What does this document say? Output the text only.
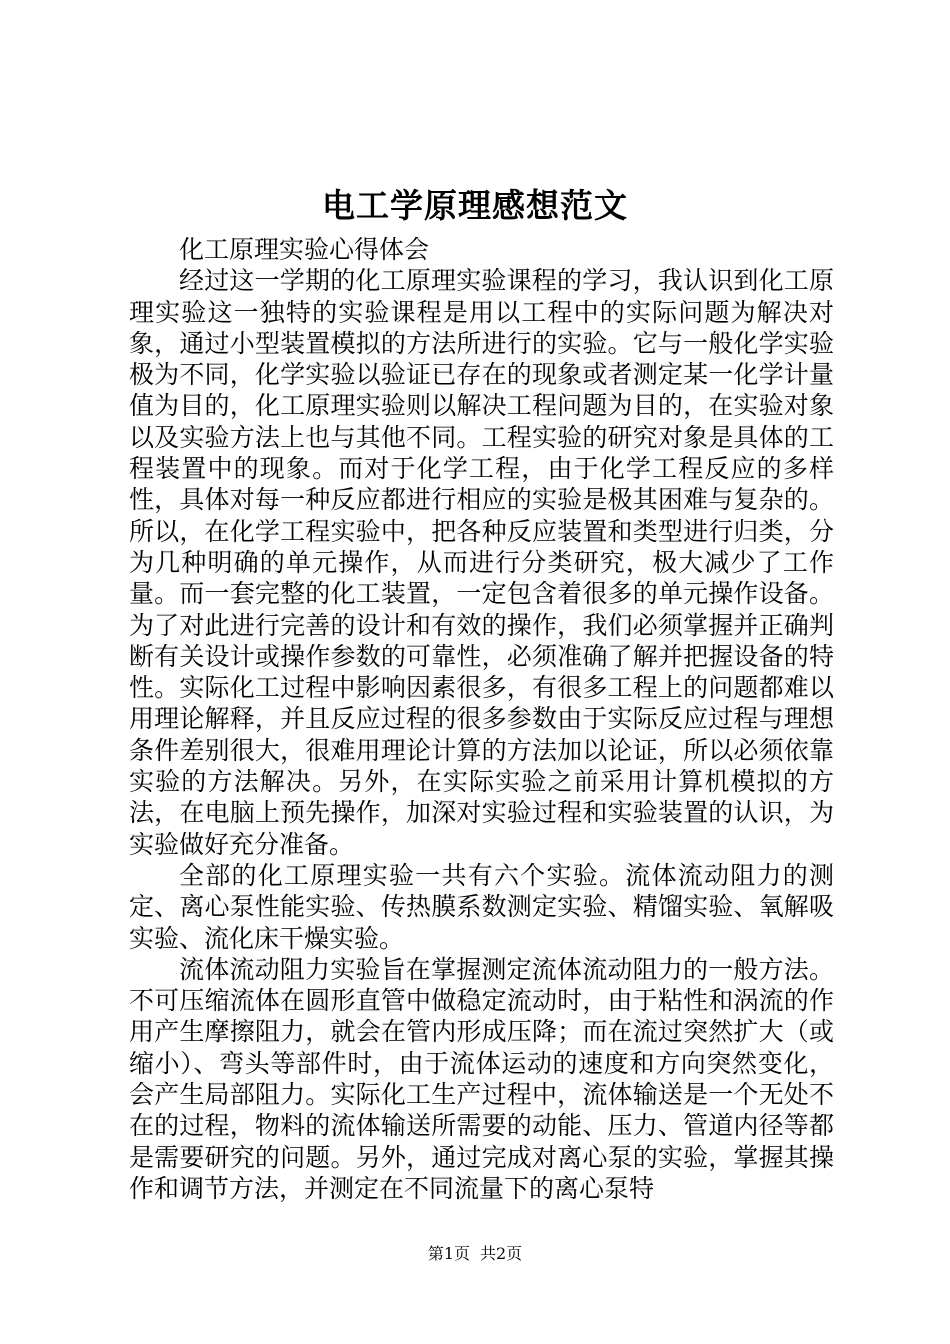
电工学原理感想范文

化工原理实验心得体会

经过这一学期的化工原理实验课程的学习，我认识到化工原理实验这一独特的实验课程是用以工程中的实际问题为解决对象，通过小型装置模拟的方法所进行的实验。它与一般化学实验极为不同，化学实验以验证已存在的现象或者测定某一化学计量值为目的，化工原理实验则以解决工程问题为目的，在实验对象以及实验方法上也与其他不同。工程实验的研究对象是具体的工程装置中的现象。而对于化学工程，由于化学工程反应的多样性，具体对每一种反应都进行相应的实验是极其困难与复杂的。所以，在化学工程实验中，把各种反应装置和类型进行归类，分为几种明确的单元操作，从而进行分类研究，极大减少了工作量。而一套完整的化工装置，一定包含着很多的单元操作设备。为了对此进行完善的设计和有效的操作，我们必须掌握并正确判断有关设计或操作参数的可靠性，必须准确了解并把握设备的特性。实际化工过程中影响因素很多，有很多工程上的问题都难以用理论解释，并且反应过程的很多参数由于实际反应过程与理想条件差别很大，很难用理论计算的方法加以论证，所以必须依靠实验的方法解决。另外，在实际实验之前采用计算机模拟的方法，在电脑上预先操作，加深对实验过程和实验装置的认识，为实验做好充分准备。

全部的化工原理实验一共有六个实验。流体流动阻力的测定、离心泵性能实验、传热膜系数测定实验、精馏实验、氧解吸实验、流化床干燥实验。

流体流动阻力实验旨在掌握测定流体流动阻力的一般方法。不可压缩流体在圆形直管中做稳定流动时，由于粘性和涡流的作用产生摩擦阻力，就会在管内形成压降；而在流过突然扩大（或缩小）、弯头等部件时，由于流体运动的速度和方向突然变化，会产生局部阻力。实际化工生产过程中，流体输送是一个无处不在的过程，物料的流体输送所需要的动能、压力、管道内径等都是需要研究的问题。另外，通过完成对离心泵的实验，掌握其操作和调节方法，并测定在不同流量下的离心泵特

第1页 共2页
